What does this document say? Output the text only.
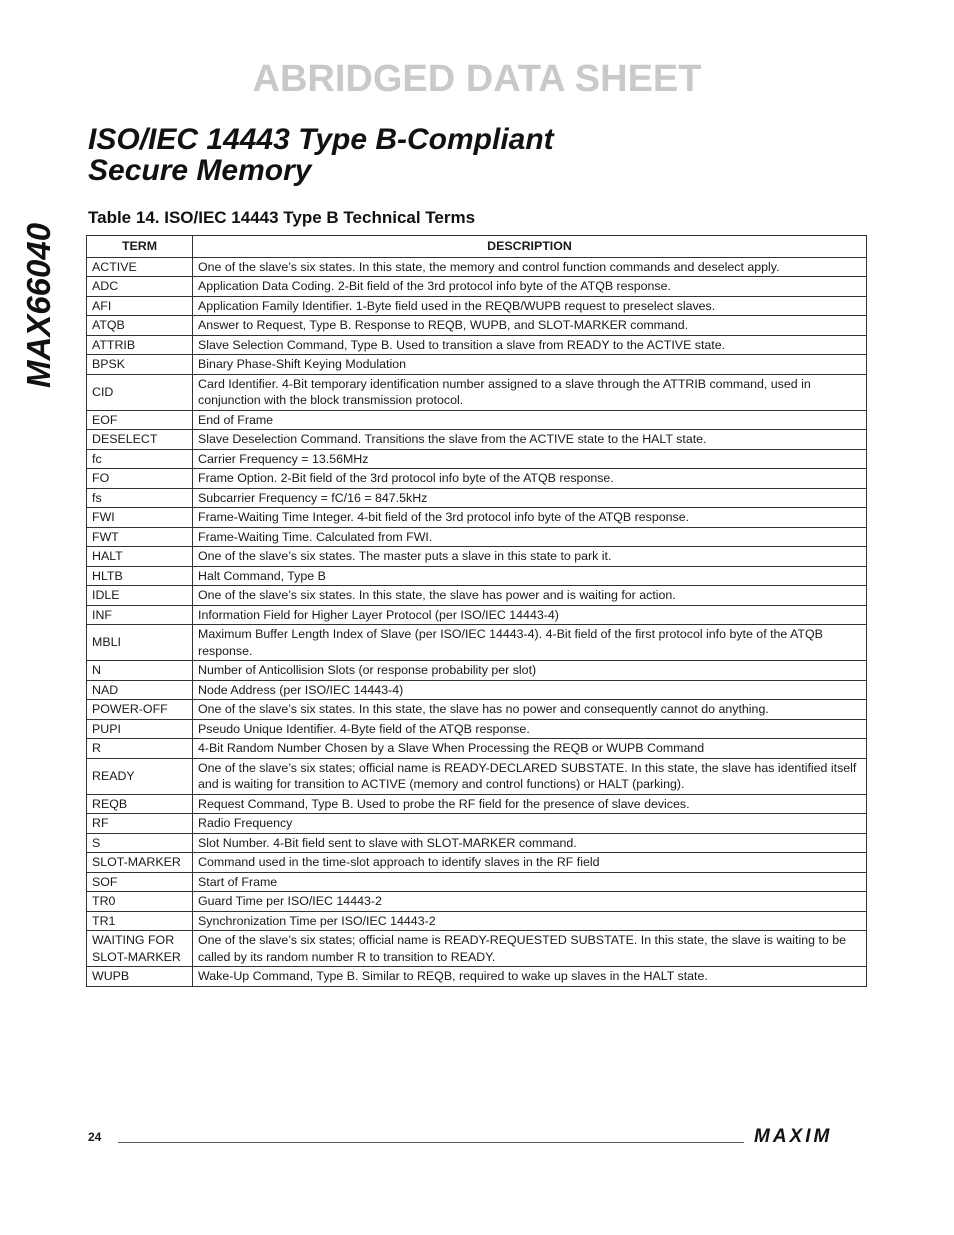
ABRIDGED DATA SHEET
ISO/IEC 14443 Type B-Compliant
Secure Memory
MAX66040
Table 14. ISO/IEC 14443 Type B Technical Terms
TERM	DESCRIPTION
ACTIVE	One of the slave’s six states. In this state, the memory and control function commands and deselect apply.
ADC	Application Data Coding. 2-Bit field of the 3rd protocol info byte of the ATQB response.
AFI	Application Family Identifier. 1-Byte field used in the REQB/WUPB request to preselect slaves.
ATQB	Answer to Request, Type B. Response to REQB, WUPB, and SLOT-MARKER command.
ATTRIB	Slave Selection Command, Type B. Used to transition a slave from READY to the ACTIVE state.
BPSK	Binary Phase-Shift Keying Modulation
CID	Card Identifier. 4-Bit temporary identification number assigned to a slave through the ATTRIB command, used in conjunction with the block transmission protocol.
EOF	End of Frame
DESELECT	Slave Deselection Command. Transitions the slave from the ACTIVE state to the HALT state.
fc	Carrier Frequency = 13.56MHz
FO	Frame Option. 2-Bit field of the 3rd protocol info byte of the ATQB response.
fs	Subcarrier Frequency = fC/16 = 847.5kHz
FWI	Frame-Waiting Time Integer. 4-bit field of the 3rd protocol info byte of the ATQB response.
FWT	Frame-Waiting Time. Calculated from FWI.
HALT	One of the slave’s six states. The master puts a slave in this state to park it.
HLTB	Halt Command, Type B
IDLE	One of the slave’s six states. In this state, the slave has power and is waiting for action.
INF	Information Field for Higher Layer Protocol (per ISO/IEC 14443-4)
MBLI	Maximum Buffer Length Index of Slave (per ISO/IEC 14443-4). 4-Bit field of the first protocol info byte of the ATQB response.
N	Number of Anticollision Slots (or response probability per slot)
NAD	Node Address (per ISO/IEC 14443-4)
POWER-OFF	One of the slave’s six states. In this state, the slave has no power and consequently cannot do anything.
PUPI	Pseudo Unique Identifier. 4-Byte field of the ATQB response.
R	4-Bit Random Number Chosen by a Slave When Processing the REQB or WUPB Command
READY	One of the slave’s six states; official name is READY-DECLARED SUBSTATE. In this state, the slave has identified itself and is waiting for transition to ACTIVE (memory and control functions) or HALT (parking).
REQB	Request Command, Type B. Used to probe the RF field for the presence of slave devices.
RF	Radio Frequency
S	Slot Number. 4-Bit field sent to slave with SLOT-MARKER command.
SLOT-MARKER	Command used in the time-slot approach to identify slaves in the RF field
SOF	Start of Frame
TR0	Guard Time per ISO/IEC 14443-2
TR1	Synchronization Time per ISO/IEC 14443-2
WAITING FOR SLOT-MARKER	One of the slave’s six states; official name is READY-REQUESTED SUBSTATE. In this state, the slave is waiting to be called by its random number R to transition to READY.
WUPB	Wake-Up Command, Type B. Similar to REQB, required to wake up slaves in the HALT state.
24	MAXIM
